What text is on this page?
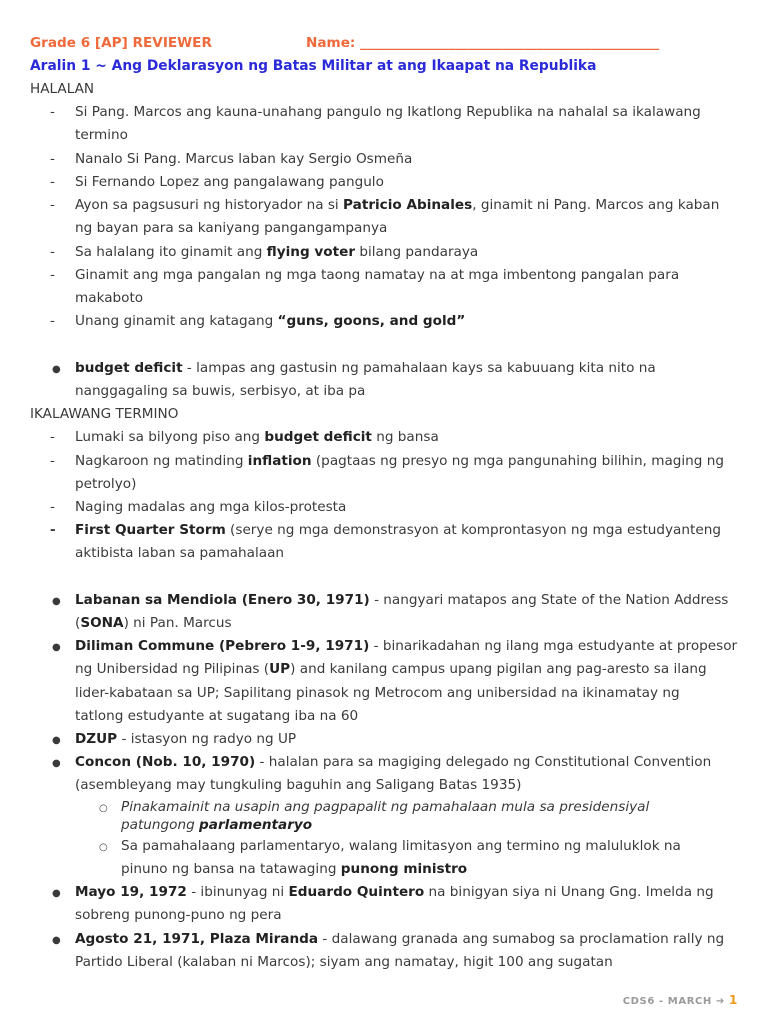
Grade 6 [AP] REVIEWER	Name: ____________________________________________
Aralin 1 ~ Ang Deklarasyon ng Batas Militar at ang Ikaapat na Republika
HALALAN
- Si Pang. Marcos ang kauna-unahang pangulo ng Ikatlong Republika na nahalal sa ikalawang
termino
- Nanalo Si Pang. Marcus laban kay Sergio Osmeña
- Si Fernando Lopez ang pangalawang pangulo
- Ayon sa pagsusuri ng historyador na si Patricio Abinales, ginamit ni Pang. Marcos ang kaban
ng bayan para sa kaniyang pangangampanya
- Sa halalang ito ginamit ang flying voter bilang pandaraya
- Ginamit ang mga pangalan ng mga taong namatay na at mga imbentong pangalan para
makaboto
- Unang ginamit ang katagang “guns, goons, and gold”
● budget deficit - lampas ang gastusin ng pamahalaan kays sa kabuuang kita nito na
nanggagaling sa buwis, serbisyo, at iba pa
IKALAWANG TERMINO
- Lumaki sa bilyong piso ang budget deficit ng bansa
- Nagkaroon ng matinding inflation (pagtaas ng presyo ng mga pangunahing bilihin, maging ng
petrolyo)
- Naging madalas ang mga kilos-protesta
- First Quarter Storm (serye ng mga demonstrasyon at komprontasyon ng mga estudyanteng
aktibista laban sa pamahalaan
● Labanan sa Mendiola (Enero 30, 1971) - nangyari matapos ang State of the Nation Address
(SONA) ni Pan. Marcus
● Diliman Commune (Pebrero 1-9, 1971) - binarikadahan ng ilang mga estudyante at propesor
ng Unibersidad ng Pilipinas (UP) and kanilang campus upang pigilan ang pag-aresto sa ilang
lider-kabataan sa UP; Sapilitang pinasok ng Metrocom ang unibersidad na ikinamatay ng
tatlong estudyante at sugatang iba na 60
● DZUP - istasyon ng radyo ng UP
● Concon (Nob. 10, 1970) - halalan para sa magiging delegado ng Constitutional Convention
(asembleyang may tungkuling baguhin ang Saligang Batas 1935)
○ Pinakamainit na usapin ang pagpapalit ng pamahalaan mula sa presidensiyal
patungong parlamentaryo
○ Sa pamahalaang parlamentaryo, walang limitasyon ang termino ng maluluklok na
pinuno ng bansa na tatawaging punong ministro
● Mayo 19, 1972 - ibinunyag ni Eduardo Quintero na binigyan siya ni Unang Gng. Imelda ng
sobreng punong-puno ng pera
● Agosto 21, 1971, Plaza Miranda - dalawang granada ang sumabog sa proclamation rally ng
Partido Liberal (kalaban ni Marcos); siyam ang namatay, higit 100 ang sugatan
CDS6 - MARCH ➔ 1
